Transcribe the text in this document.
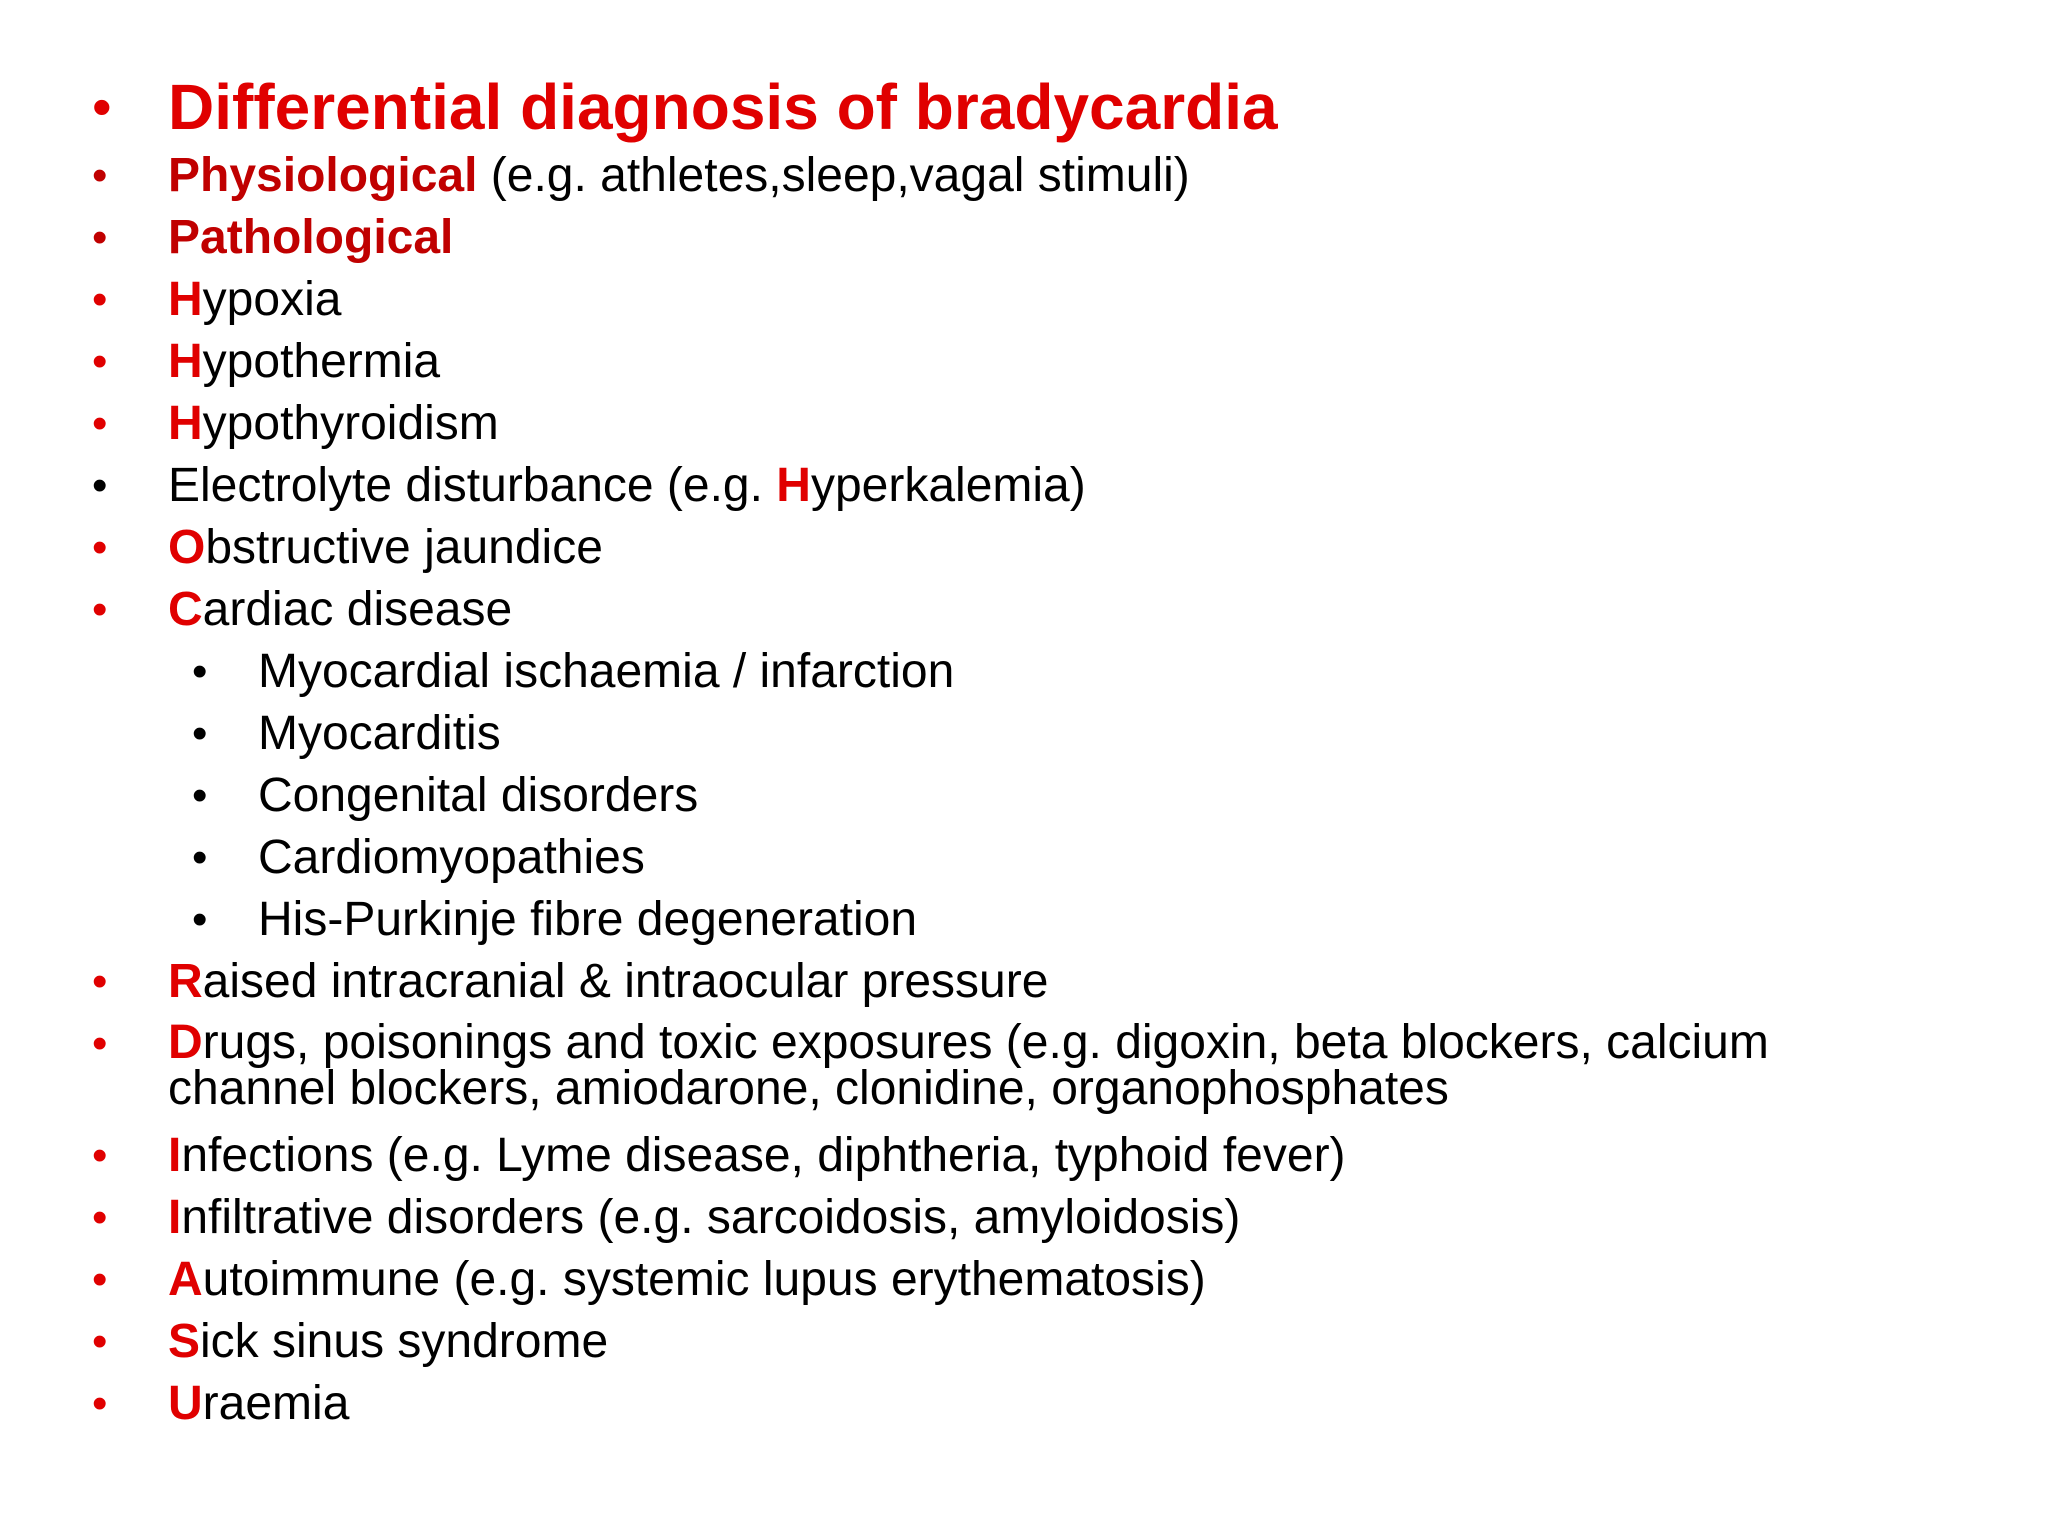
• Differential diagnosis of bradycardia
• Physiological (e.g. athletes,sleep,vagal stimuli)
• Pathological
• Hypoxia
• Hypothermia
• Hypothyroidism
• Electrolyte disturbance (e.g. Hyperkalemia)
• Obstructive jaundice
• Cardiac disease
• Myocardial ischaemia / infarction
• Myocarditis
• Congenital disorders
• Cardiomyopathies
• His-Purkinje fibre degeneration
• Raised intracranial & intraocular pressure
• Drugs, poisonings and toxic exposures (e.g. digoxin, beta blockers, calcium channel blockers, amiodarone, clonidine, organophosphates
• Infections (e.g. Lyme disease, diphtheria, typhoid fever)
• Infiltrative disorders (e.g. sarcoidosis, amyloidosis)
• Autoimmune (e.g. systemic lupus erythematosis)
• Sick sinus syndrome
• Uraemia
